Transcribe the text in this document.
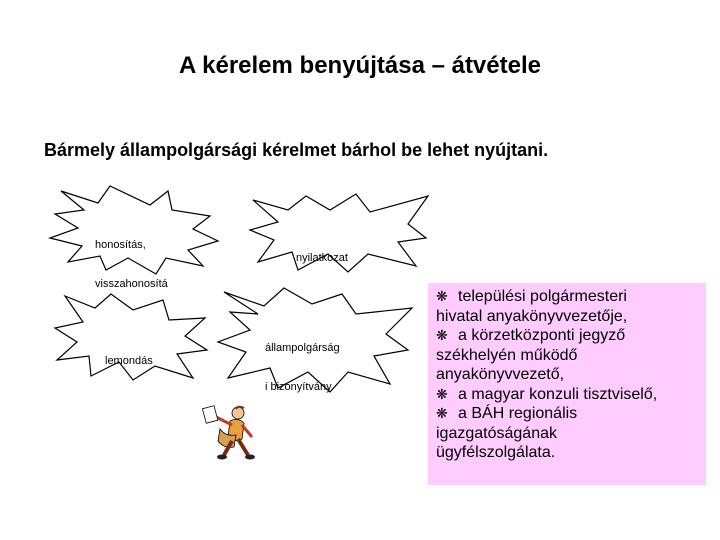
A kérelem benyújtása – átvétele
Bármely állampolgársági kérelmet bárhol be lehet nyújtani.

honosítás,

visszahonosítá

nyilatkozat

lemondás

állampolgárság

i bizonyítvány

❋ települési polgármesteri
hivatal anyakönyvvezetője,
❋ a körzetközponti jegyző
székhelyén működő
anyakönyvvezető,
❋ a magyar konzuli tisztviselő,
❋ a BÁH regionális
igazgatóságának
ügyfélszolgálata.
